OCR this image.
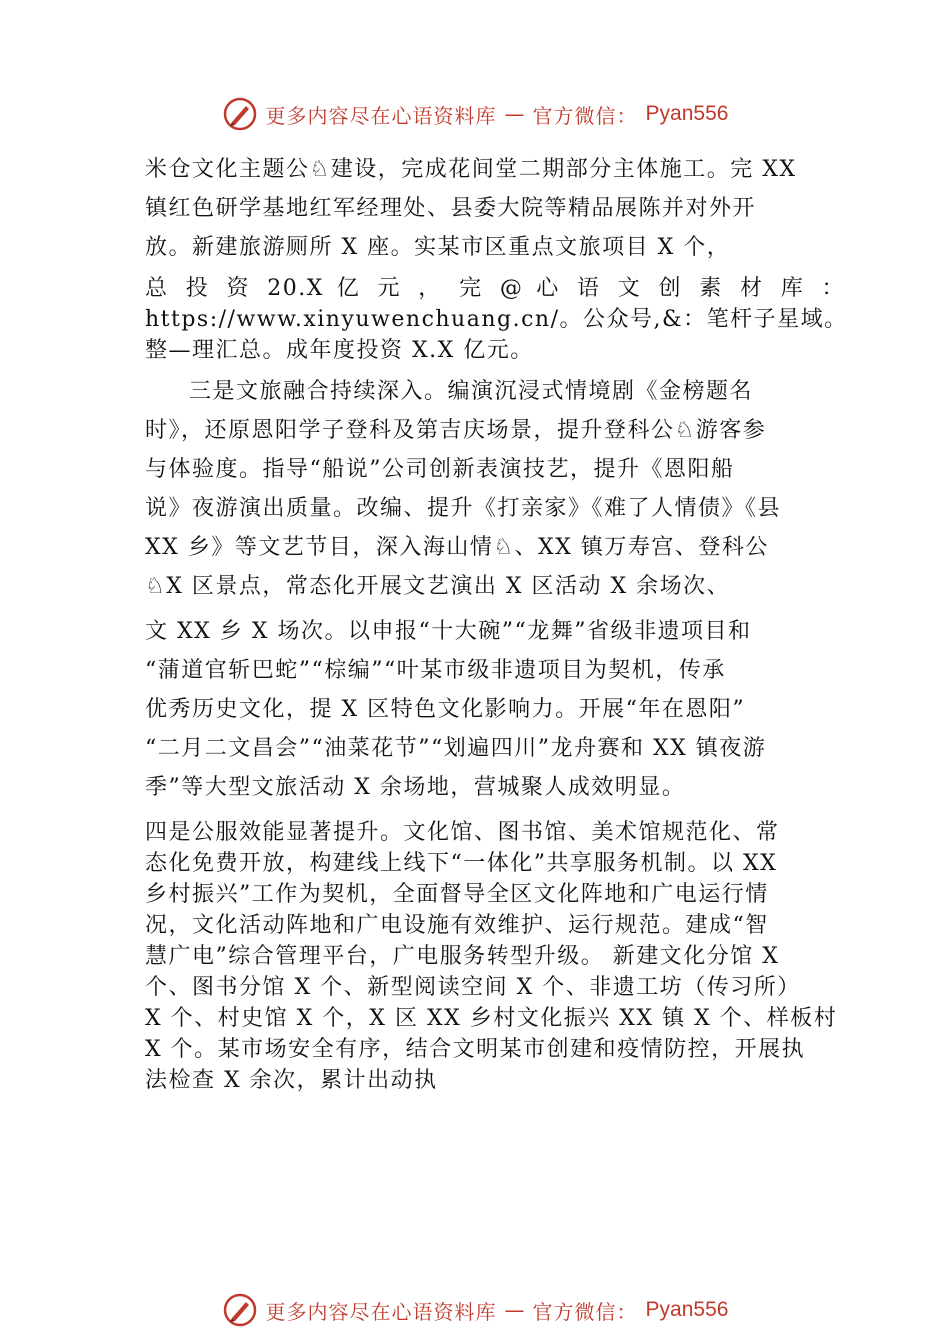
更多内容尽在心语资料库 — 官方微信： Pyan556
米仓文化主题公♘建设，完成花间堂二期部分主体施工。完 XX
镇红色研学基地红军经理处、县委大院等精品展陈并对外开
放。新建旅游厕所 X 座。实某市区重点文旅项目 X 个，
总 投 资 20.X 亿 元 ， 完 @ 心 语 文 创 素 材 库 ：
https://www.xinyuwenchuang.cn/。公众号,&：笔杆子星域。
整—理汇总。成年度投资 X.X 亿元。
三是文旅融合持续深入。编演沉浸式情境剧《金榜题名
时》，还原恩阳学子登科及第吉庆场景，提升登科公♘游客参
与体验度。指导“船说”公司创新表演技艺，提升《恩阳船
说》夜游演出质量。改编、提升《打亲家》《难了人情债》《县
XX 乡》等文艺节目，深入海山情♘、XX 镇万寿宫、登科公
♘X 区景点，常态化开展文艺演出 X 区活动 X 余场次、
文 XX 乡 X 场次。以申报“十大碗”“龙舞”省级非遗项目和
“蒲道官斩巴蛇”“棕编”“叶某市级非遗项目为契机，传承
优秀历史文化，提 X 区特色文化影响力。开展“年在恩阳”
“二月二文昌会”“油菜花节”“划遍四川”龙舟赛和 XX 镇夜游
季”等大型文旅活动 X 余场地，营城聚人成效明显。
四是公服效能显著提升。文化馆、图书馆、美术馆规范化、常
态化免费开放，构建线上线下“一体化”共享服务机制。以 XX
乡村振兴”工作为契机，全面督导全区文化阵地和广电运行情
况，文化活动阵地和广电设施有效维护、运行规范。建成“智
慧广电”综合管理平台，广电服务转型升级。 新建文化分馆 X
个、图书分馆 X 个、新型阅读空间 X 个、非遗工坊（传习所）
X 个、村史馆 X 个，X 区 XX 乡村文化振兴 XX 镇 X 个、样板村
X 个。某市场安全有序，结合文明某市创建和疫情防控，开展执
法检查 X 余次，累计出动执
更多内容尽在心语资料库 — 官方微信： Pyan556
